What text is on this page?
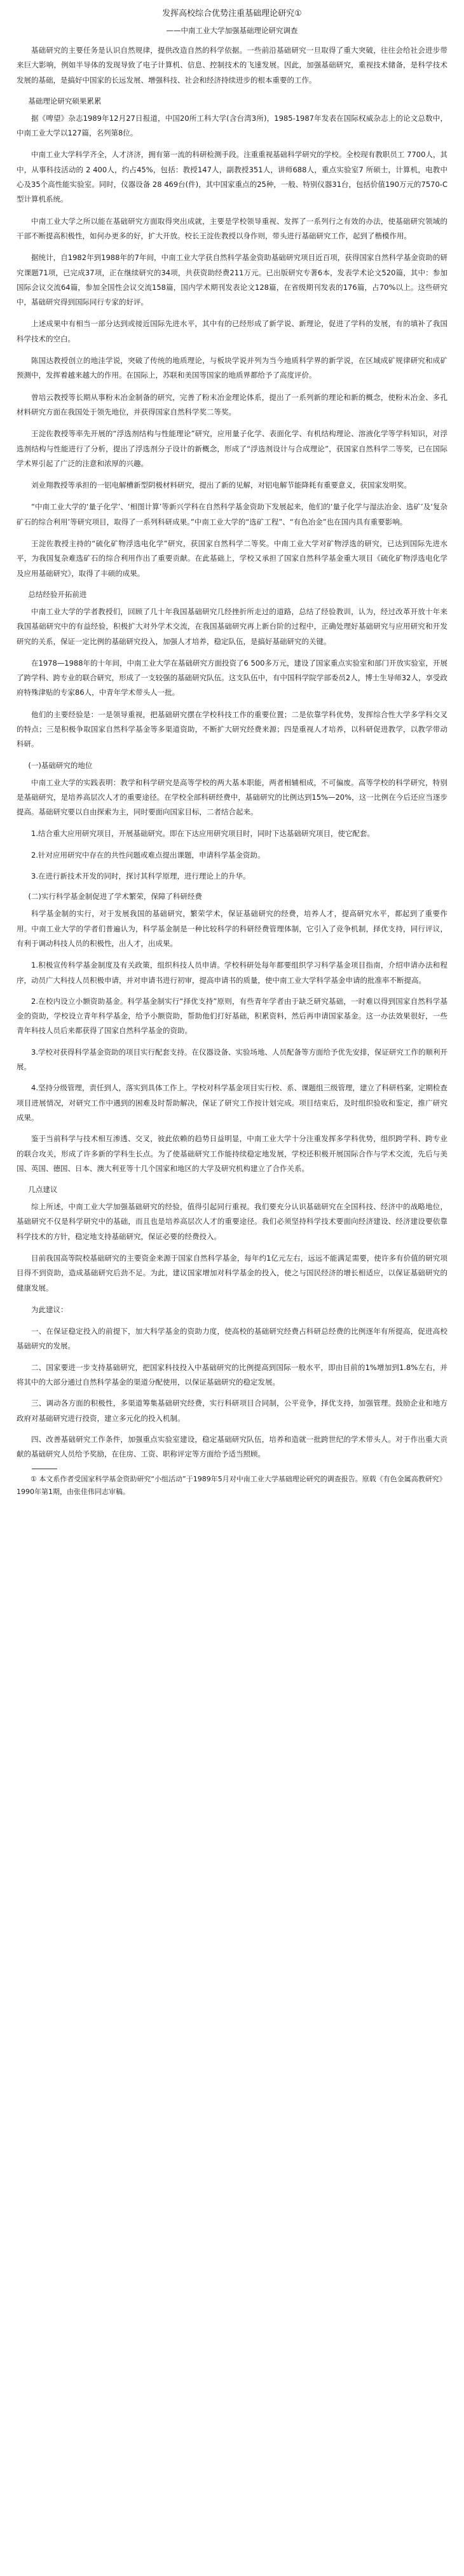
发挥高校综合优势注重基础理论研究①
——中南工业大学加强基础理论研究调查

基础研究的主要任务是认识自然规律，提供改造自然的科学依据。一些前沿基础研究一旦取得了重大突破，往往会给社会进步带来巨大影响，例如半导体的发现导致了电子计算机、信息、控制技术的飞速发展。因此，加强基础研究，重视技术储备，是科学技术发展的基础，是搞好中国家的长远发展、增强科技、社会和经济持续进步的根本重要的工作。

基础理论研究硕果累累

据《啤望》杂志1989年12月27日报道，中国20所工科大学(含台湾3所)，1985-1987年发表在国际权威杂志上的论文总数中，中南工业大学以127篇，名列第8位。

中南工业大学科学齐全，人才济济，拥有第一流的科研检测手段。注重重视基础科学研究的学校。全校现有教职员工 7700人，其中，从事科技活动的 2 400人，约占45%，包括：教授147人，副教授351人，讲师688人，重点实验室7 所硕士，计算机，电教中心及35个高性能实验室。同时，仪器设备 28 469台(件)，其中国家重点的25种，一般、特别仪器31台，包括价值190万元的7570-C型计算机系统。

中南工业大学之所以能在基础研究方面取得突出成就，主要是学校领导重视、发挥了一系列行之有效的办法，使基础研究领域的干部不断提高积极性，如何办更多的好，扩大开放。校长王淀佐教授以身作则，带头进行基础研究工作，起到了楷模作用。

据统计，自1982年到1988年的7年间，中南工业大学获自然科学基金资助基础研究项目近百项，获得国家自然科学基金资助的研究课题71项，已完成37项，正在继续研究的34项，共获资助经费211万元。已出版研究专著6本，发表学术论文520篇，其中：参加国际会议交流64篇，参加全国性会议交流158篇，国内学术期刊发表论文128篇，在省级期刊发表的176篇，占70%以上。这些研究中，基础研究得到国际同行专家的好评。

上述成果中有相当一部分达到或接近国际先进水平，其中有的已经形成了新学说、新理论，促进了学科的发展，有的填补了我国科学技术的空白。

陈国达教授创立的地洼学说，突破了传统的地质理论，与板块学说并列为当今地质科学界的新学说，在区域成矿规律研究和成矿预测中，发挥着越来越大的作用。在国际上，苏联和美国等国家的地质界都给予了高度评价。

曾培云教授等长期从事粉末冶金制备的研究，完善了粉末冶金理论体系，提出了一系列新的理论和新的概念，使粉末冶金、多孔材料研究方面在我国处于领先地位，并获得国家自然科学奖二等奖。

王淀佐教授等率先开展的“浮选剂结构与性能理论”研究，应用量子化学、表面化学、有机结构理论、溶液化学等学科知识，对浮选剂结构与性能进行了分析，提出了浮选剂分子设计的新概念，形成了“浮选剂设计与合成理论”，获国家自然科学二等奖，已在国际学术界引起了广泛的注意和浓厚的兴趣。

刘业翔教授等承担的一铝电解槽新型阴极材料研究，提出了新的见解，对铝电解节能降耗有重要意义，获国家发明奖。

“中南工业大学的‘量子化学’、‘相图计算’等新兴学科在自然科学基金资助下发展起来，他们的‘量子化学与湿法冶金、选矿’及‘复杂矿石的综合利用’等研究项目，取得了一系列科研成果。”中南工业大学的“选矿工程”、“有色冶金”也在国内具有重要影响。

王淀佐教授主持的“硫化矿物浮选电化学”研究，获国家自然科学二等奖。中南工业大学对矿物浮选的研究，已达到国际先进水平，为我国复杂难选矿石的综合利用作出了重要贡献。在此基础上，学校又承担了国家自然科学基金重大项目《硫化矿物浮选电化学及应用基础研究》，取得了丰硕的成果。

总结经验开拓前进

中南工业大学的学者教授们，回顾了几十年我国基础研究几经挫折所走过的道路，总结了经验教训，认为，经过改革开放十年来我国基础研究中的有益经验，积极扩大对外学术交流，在我国基础研究再上新台阶的过程中，正确处理好基础研究与应用研究和开发研究的关系，保证一定比例的基础研究投入，加强人才培养，稳定队伍，是搞好基础研究的关键。

在1978—1988年的十年间，中南工业大学在基础研究方面投资了6 500多万元，建设了国家重点实验室和部门开放实验室，开展了跨学科、跨专业的联合研究，形成了一支较强的基础研究队伍。这支队伍中，有中国科学院学部委员2人，博士生导师32人，享受政府特殊津贴的专家86人，中青年学术带头人一批。

他们的主要经验是：一是领导重视，把基础研究摆在学校科技工作的重要位置；二是依靠学科优势，发挥综合性大学多学科交叉的特点；三是积极争取国家自然科学基金等多渠道资助，不断扩大研究经费来源；四是重视人才培养，以科研促进教学，以教学带动科研。

(一)基础研究的地位

中南工业大学的实践表明：教学和科学研究是高等学校的两大基本职能，两者相辅相成，不可偏废。高等学校的科学研究，特别是基础研究，是培养高层次人才的重要途径。在学校全部科研经费中，基础研究的比例达到15%—20%，这一比例在今后还应当逐步提高。基础研究要以自由探索为主，同时要面向国家目标，二者结合起来。

1.结合重大应用研究项目，开展基础研究。即在下达应用研究项目时，同时下达基础研究项目，使它配套。

2.针对应用研究中存在的共性问题或难点提出课题，申请科学基金资助。

3.在进行新技术开发的同时，探讨其科学原理，进行理论上的升华。

(二)实行科学基金制促进了学术繁荣，保障了科研经费

科学基金制的实行，对于发展我国的基础研究，繁荣学术，保证基础研究的经费，培养人才，提高研究水平，都起到了重要作用。中南工业大学的学者们普遍认为，科学基金制是一种比较科学的科研经费管理体制，它引入了竞争机制，择优支持，同行评议，有利于调动科技人员的积极性，出人才，出成果。

1.积极宣传科学基金制度及有关政策，组织科技人员申请。学校科研处每年都要组织学习科学基金项目指南，介绍申请办法和程序，动员广大科技人员积极申请，并对申请书进行初审，提高申请书的质量，使中南工业大学科学基金申请的批准率不断提高。

2.在校内设立小额资助基金。科学基金制实行“择优支持”原则，有些青年学者由于缺乏研究基础，一时难以得到国家自然科学基金的资助，学校设立青年科学基金，给予小额资助，帮助他们打好基础，积累资料，然后再申请国家基金。这一办法效果很好，一些青年科技人员后来都获得了国家自然科学基金的资助。

3.学校对获得科学基金资助的项目实行配套支持。在仪器设备、实验场地、人员配备等方面给予优先安排，保证研究工作的顺利开展。

4.坚持分级管理，责任到人，落实到具体工作上。学校对科学基金项目实行校、系、课题组三级管理，建立了科研档案，定期检查项目进展情况，对研究工作中遇到的困难及时帮助解决，保证了研究工作按计划完成。项目结束后，及时组织验收和鉴定，推广研究成果。

鉴于当前科学与技术相互渗透、交叉，彼此依赖的趋势日益明显，中南工业大学十分注重发挥多学科优势，组织跨学科、跨专业的联合攻关，形成了许多新的学科生长点。为了使基础研究工作能持续稳定地发展，学校还积极开展国际合作与学术交流，先后与美国、英国、德国、日本、澳大利亚等十几个国家和地区的大学及研究机构建立了合作关系。

几点建议

综上所述，中南工业大学加强基础研究的经验，值得引起同行重视。我们要充分认识基础研究在全国科技、经济中的战略地位，基础研究不仅是科学研究中的基础，而且也是培养高层次人才的重要途径。我们必须坚持科学技术要面向经济建设、经济建设要依靠科学技术的方针，稳定地支持基础研究，保证必要的经费投入。

目前我国高等院校基础研究的主要资金来源于国家自然科学基金，每年约1亿元左右，远远不能满足需要，使许多有价值的研究项目得不到资助，造成基础研究后劲不足。为此，建议国家增加对科学基金的投入，使之与国民经济的增长相适应，以保证基础研究的健康发展。

为此建议：

一、在保证稳定投入的前提下，加大科学基金的资助力度，使高校的基础研究经费占科研总经费的比例逐年有所提高，促进高校基础研究的发展。

二、国家要进一步支持基础研究，把国家科技投入中基础研究的比例提高到国际一般水平，即由目前的1%增加到1.8%左右，并将其中的大部分通过自然科学基金的渠道分配使用，以保证基础研究的稳定发展。

三、调动各方面的积极性，多渠道筹集基础研究经费，实行科研项目合同制，公平竞争，择优支持，加强管理。鼓励企业和地方政府对基础研究进行投资，建立多元化的投入机制。

四、改善基础研究工作条件，加强重点实验室建设，稳定基础研究队伍，培养和造就一批跨世纪的学术带头人。对于作出重大贡献的基础研究人员给予奖励，在住房、工资、职称评定等方面给予适当照顾。

① 本文系作者受国家科学基金资助研究“小组活动”于1989年5月对中南工业大学基础理论研究的调查报告。原载《有色金属高教研究》1990年第1期，由张佳伟同志审稿。
